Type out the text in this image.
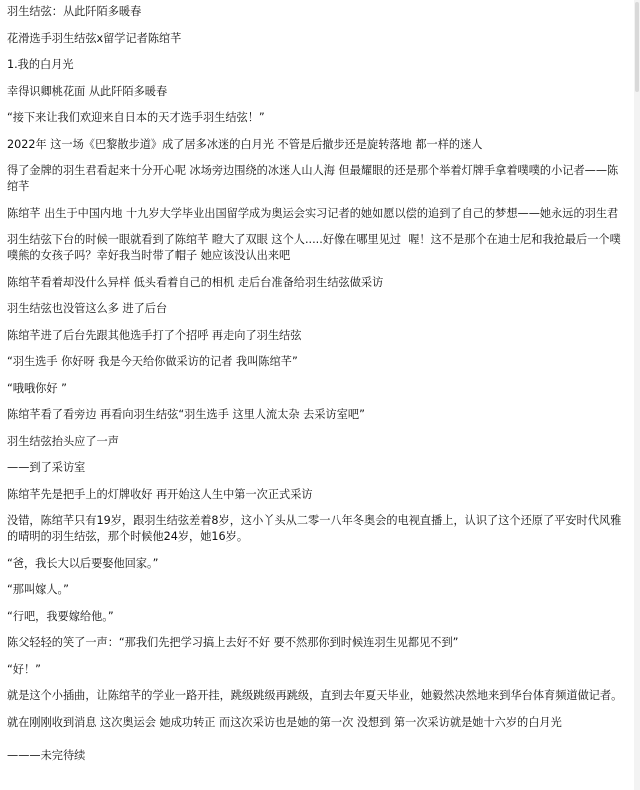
羽生结弦：从此阡陌多暖春

花滑选手羽生结弦x留学记者陈绾芊

1.我的白月光

幸得识卿桃花面 从此阡陌多暖春

“接下来让我们欢迎来自日本的天才选手羽生结弦！”

2022年 这一场《巴黎散步道》成了居多冰迷的白月光 不管是后撤步还是旋转落地 都一样的迷人

得了金牌的羽生君看起来十分开心呢 冰场旁边围绕的冰迷人山人海 但最耀眼的还是那个举着灯牌手拿着噗噗的小记者——陈绾芊

陈绾芊 出生于中国内地 十九岁大学毕业出国留学成为奥运会实习记者的她如愿以偿的追到了自己的梦想——她永远的羽生君

羽生结弦下台的时候一眼就看到了陈绾芊 瞪大了双眼 这个人.....好像在哪里见过  喔！这不是那个在迪士尼和我抢最后一个噗噗熊的女孩子吗？幸好我当时带了帽子 她应该没认出来吧

陈绾芊看着却没什么异样 低头看着自己的相机 走后台准备给羽生结弦做采访

羽生结弦也没管这么多 进了后台

陈绾芊进了后台先跟其他选手打了个招呼 再走向了羽生结弦

“羽生选手 你好呀 我是今天给你做采访的记者 我叫陈绾芊”

“哦哦你好 ”

陈绾芊看了看旁边 再看向羽生结弦“羽生选手 这里人流太杂 去采访室吧”

羽生结弦抬头应了一声

——到了采访室

陈绾芊先是把手上的灯牌收好 再开始这人生中第一次正式采访

没错，陈绾芊只有19岁，跟羽生结弦差着8岁，这小丫头从二零一八年冬奥会的电视直播上，认识了这个还原了平安时代风雅的晴明的羽生结弦，那个时候他24岁，她16岁。

“爸，我长大以后要娶他回家。”

“那叫嫁人。”

“行吧，我要嫁给他。”

陈父轻轻的笑了一声：“那我们先把学习搞上去好不好 要不然那你到时候连羽生见都见不到”

“好！”

就是这个小插曲，让陈绾芊的学业一路开挂，跳级跳级再跳级，直到去年夏天毕业，她毅然决然地来到华台体育频道做记者。

就在刚刚收到消息 这次奥运会 她成功转正 而这次采访也是她的第一次 没想到 第一次采访就是她十六岁的白月光

———未完待续
